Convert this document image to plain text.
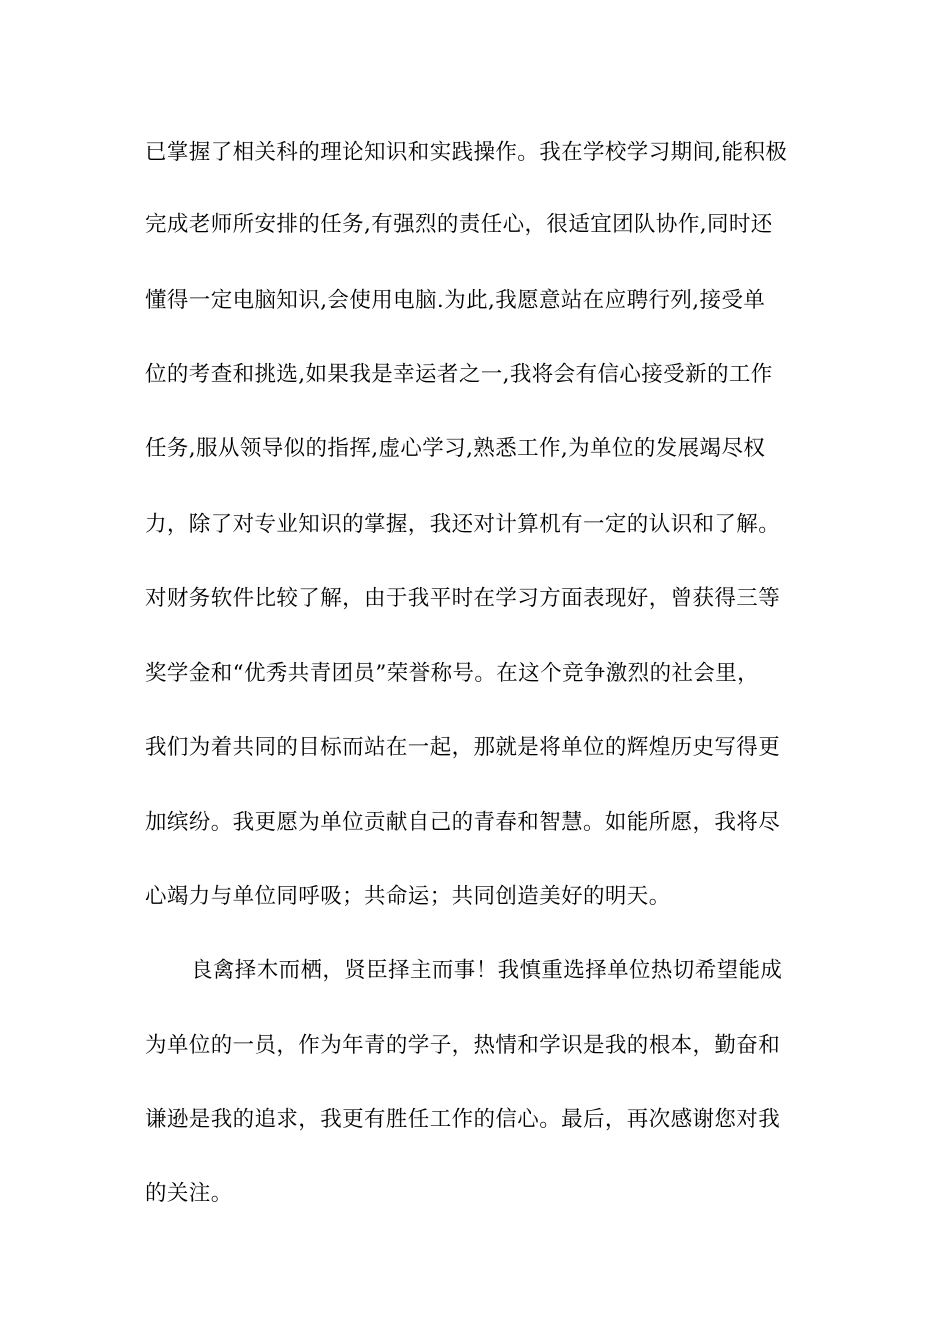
已掌握了相关科的理论知识和实践操作。我在学校学习期间,能积极
完成老师所安排的任务,有强烈的责任心，很适宜团队协作,同时还
懂得一定电脑知识,会使用电脑.为此,我愿意站在应聘行列,接受单
位的考查和挑选,如果我是幸运者之一,我将会有信心接受新的工作
任务,服从领导似的指挥,虚心学习,熟悉工作,为单位的发展竭尽权
力，除了对专业知识的掌握，我还对计算机有一定的认识和了解。
对财务软件比较了解，由于我平时在学习方面表现好，曾获得三等
奖学金和“优秀共青团员”荣誉称号。在这个竞争激烈的社会里，
我们为着共同的目标而站在一起，那就是将单位的辉煌历史写得更
加缤纷。我更愿为单位贡献自己的青春和智慧。如能所愿，我将尽
心竭力与单位同呼吸；共命运；共同创造美好的明天。
良禽择木而栖，贤臣择主而事！我慎重选择单位热切希望能成
为单位的一员，作为年青的学子，热情和学识是我的根本，勤奋和
谦逊是我的追求，我更有胜任工作的信心。最后，再次感谢您对我
的关注。
